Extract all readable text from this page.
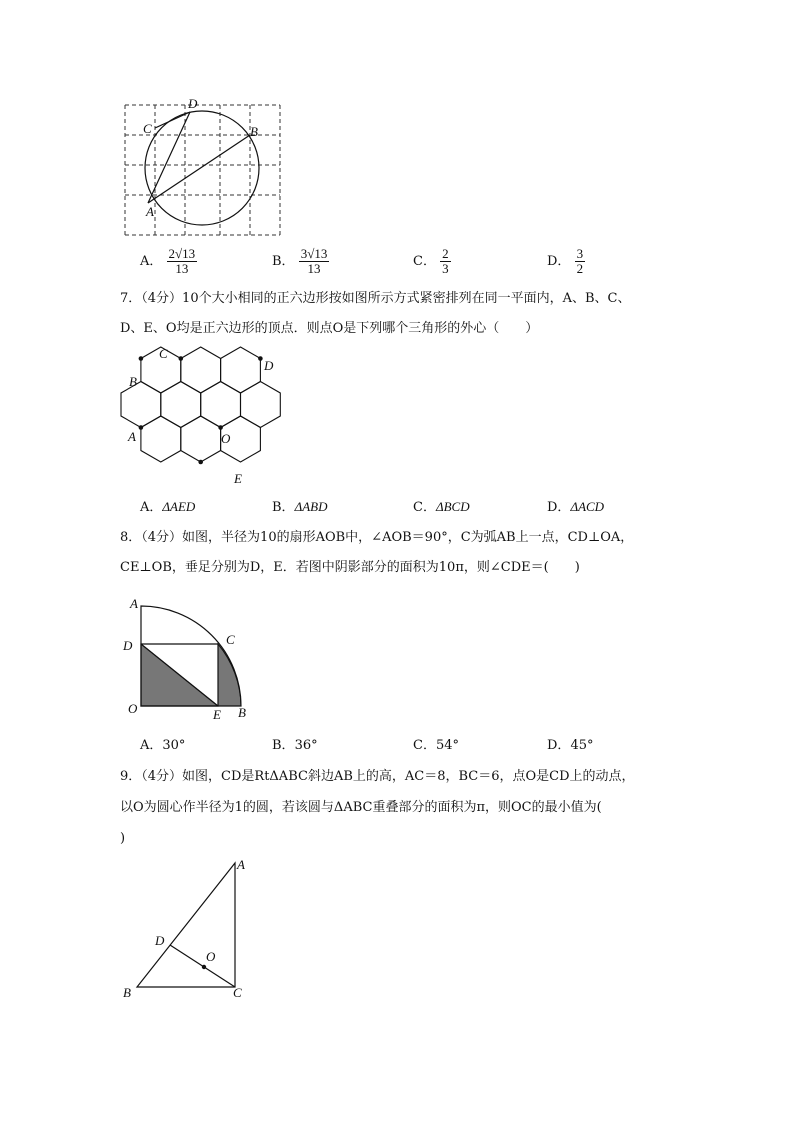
D
C	B
A
A． $\frac{2√13}{13}$	B． $\frac{3√13}{13}$	C． $\frac{2}{3}$	D． $\frac{3}{2}$
7．（4分）10个大小相同的正六边形按如图所示方式紧密排列在同一平面内，A、B、C、
D、E、O均是正六边形的顶点．则点O是下列哪个三角形的外心（　　）
C
D
B
A	O
E
A．ΔAED	B．ΔABD	C．ΔBCD	D．ΔACD
8．（4分）如图，半径为10的扇形AOB中，∠AOB＝90°，C为弧AB上一点，CD⊥OA，
CE⊥OB，垂足分别为D，E．若图中阴影部分的面积为10π，则∠CDE＝(　　)
A
D	C
O	E B
A．30°	B．36°	C．54°	D．45°
9．（4分）如图，CD是RtΔABC斜边AB上的高，AC＝8，BC＝6，点O是CD上的动点，
以O为圆心作半径为1的圆，若该圆与ΔABC重叠部分的面积为π，则OC的最小值为(
)
A
D
O
B	C
